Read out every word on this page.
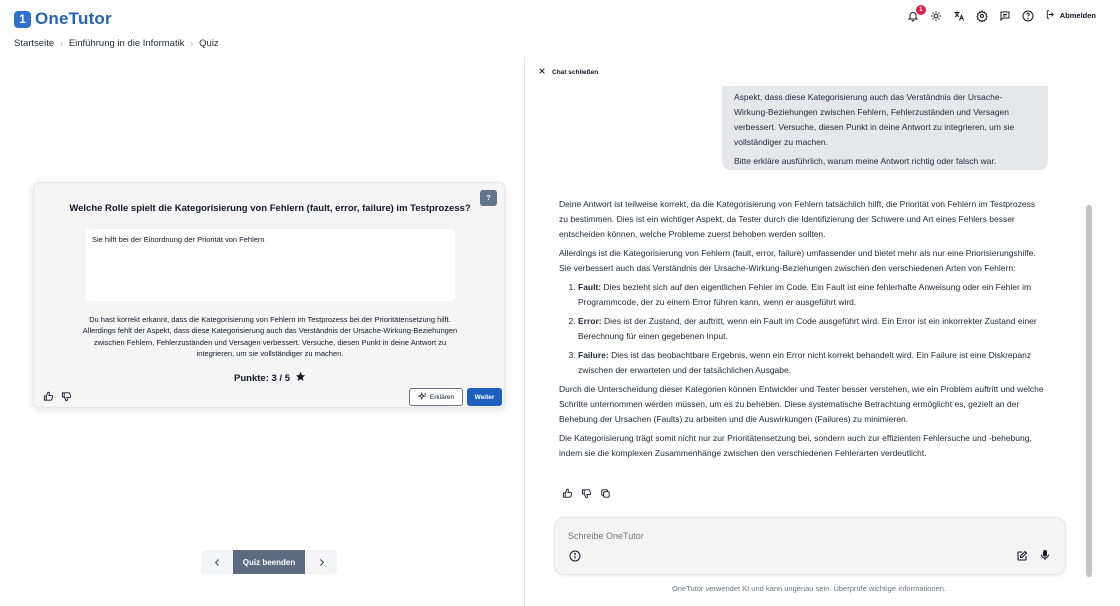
1 OneTutor	1
Abmelden
Startseite › Einführung in die Informatik › Quiz
?
Welche Rolle spielt die Kategorisierung von Fehlern (fault, error, failure) im Testprozess?
Sie hilft bei der Einordnung der Priorität von Fehlern
Du hast korrekt erkannt, dass die Kategorisierung von Fehlern im Testprozess bei der Prioritätensetzung hilft. Allerdings fehlt der Aspekt, dass diese Kategorisierung auch das Verständnis der Ursache-Wirkung-Beziehungen zwischen Fehlern, Fehlerzuständen und Versagen verbessert. Versuche, diesen Punkt in deine Antwort zu integrieren, um sie vollständiger zu machen.
Punkte: 3 / 5
Erklären	Weiter
Quiz beenden
Chat schließen

Aspekt, dass diese Kategorisierung auch das Verständnis der Ursache-Wirkung-Beziehungen zwischen Fehlern, Fehlerzuständen und Versagen verbessert. Versuche, diesen Punkt in deine Antwort zu integrieren, um sie vollständiger zu machen.

Bitte erkläre ausführlich, warum meine Antwort richtig oder falsch war.

Deine Antwort ist teilweise korrekt, da die Kategorisierung von Fehlern tatsächlich hilft, die Priorität von Fehlern im Testprozess zu bestimmen. Dies ist ein wichtiger Aspekt, da Tester durch die Identifizierung der Schwere und Art eines Fehlers besser entscheiden können, welche Probleme zuerst behoben werden sollten.

Allerdings ist die Kategorisierung von Fehlern (fault, error, failure) umfassender und bietet mehr als nur eine Priorisierungshilfe. Sie verbessert auch das Verständnis der Ursache-Wirkung-Beziehungen zwischen den verschiedenen Arten von Fehlern:

1. Fault: Dies bezieht sich auf den eigentlichen Fehler im Code. Ein Fault ist eine fehlerhafte Anweisung oder ein Fehler im Programmcode, der zu einem Error führen kann, wenn er ausgeführt wird.
2. Error: Dies ist der Zustand, der auftritt, wenn ein Fault im Code ausgeführt wird. Ein Error ist ein inkorrekter Zustand einer Berechnung für einen gegebenen Input.
3. Failure: Dies ist das beobachtbare Ergebnis, wenn ein Error nicht korrekt behandelt wird. Ein Failure ist eine Diskrepanz zwischen der erwarteten und der tatsächlichen Ausgabe.

Durch die Unterscheidung dieser Kategorien können Entwickler und Tester besser verstehen, wie ein Problem auftritt und welche Schritte unternommen werden müssen, um es zu beheben. Diese systematische Betrachtung ermöglicht es, gezielt an der Behebung der Ursachen (Faults) zu arbeiten und die Auswirkungen (Failures) zu minimieren.

Die Kategorisierung trägt somit nicht nur zur Prioritätensetzung bei, sondern auch zur effizienten Fehlersuche und -behebung, indem sie die komplexen Zusammenhänge zwischen den verschiedenen Fehlerarten verdeutlicht.

Schreibe OneTutor
OneTutor verwendet KI und kann ungenau sein. Überprüfe wichtige Informationen.
